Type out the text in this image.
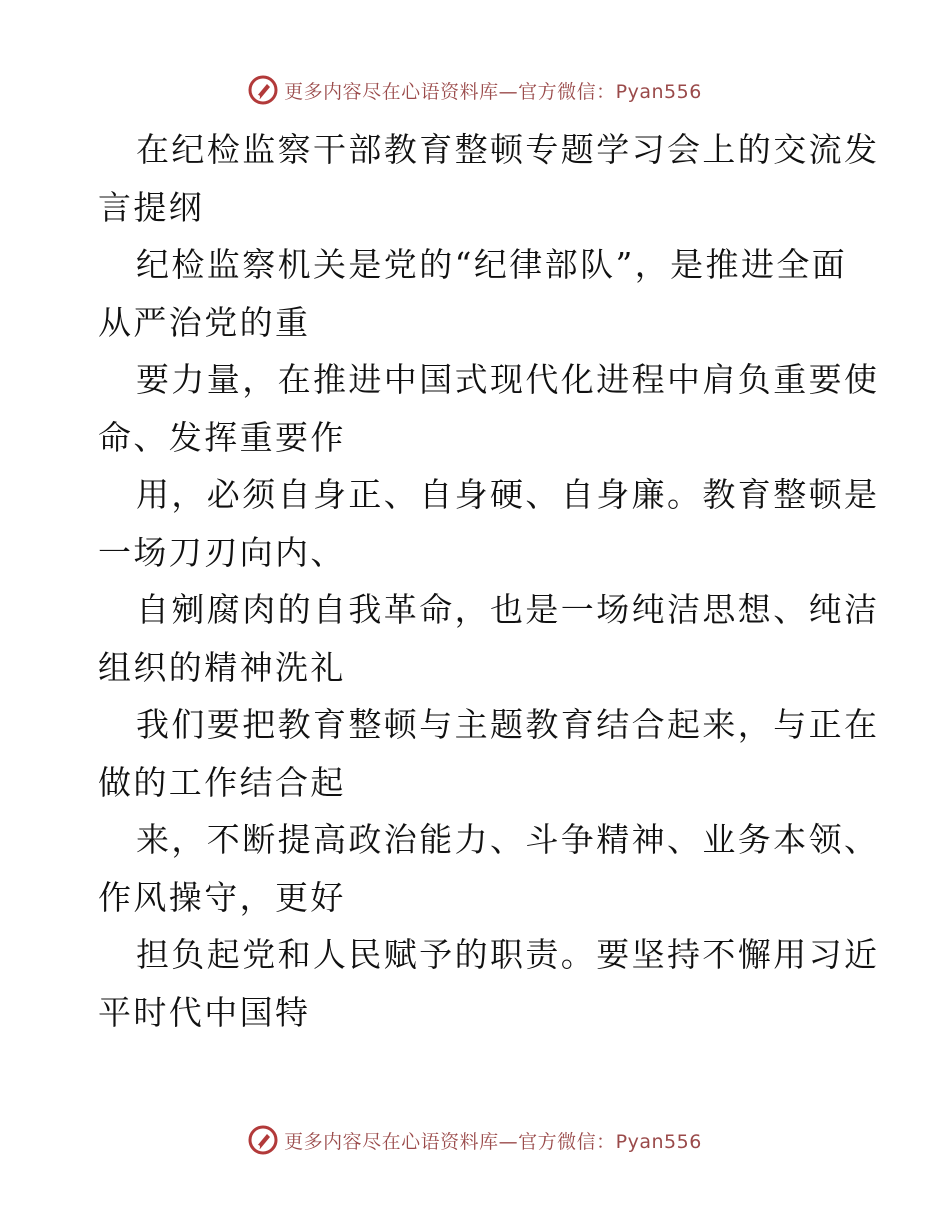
更多内容尽在心语资料库—官方微信：Pyan556

在纪检监察干部教育整顿专题学习会上的交流发
言提纲

纪检监察机关是党的“纪律部队”，是推进全面
从严治党的重

要力量，在推进中国式现代化进程中肩负重要使
命、发挥重要作

用，必须自身正、自身硬、自身廉。教育整顿是
一场刀刃向内、

自剜腐肉的自我革命，也是一场纯洁思想、纯洁
组织的精神洗礼

我们要把教育整顿与主题教育结合起来，与正在
做的工作结合起

来，不断提高政治能力、斗争精神、业务本领、
作风操守，更好

担负起党和人民赋予的职责。要坚持不懈用习近
平时代中国特

更多内容尽在心语资料库—官方微信：Pyan556
